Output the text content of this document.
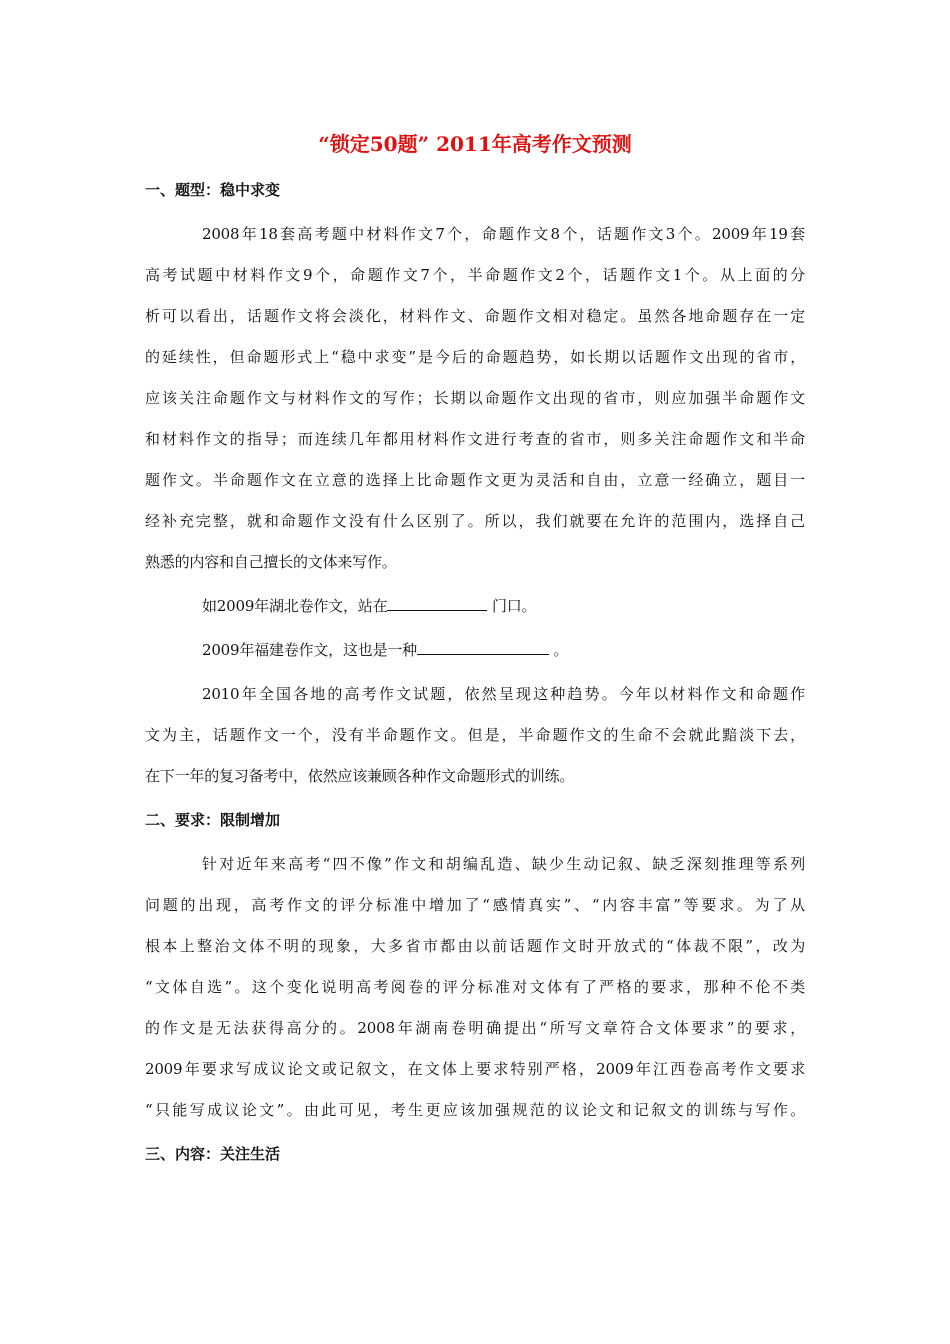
“锁定50题” 2011年高考作文预测
一、题型：稳中求变
2008年18套高考题中材料作文7个，命题作文8个，话题作文3个。2009年19套
高考试题中材料作文9个，命题作文7个，半命题作文2个，话题作文1个。从上面的分
析可以看出，话题作文将会淡化，材料作文、命题作文相对稳定。虽然各地命题存在一定
的延续性，但命题形式上“稳中求变”是今后的命题趋势，如长期以话题作文出现的省市，
应该关注命题作文与材料作文的写作；长期以命题作文出现的省市，则应加强半命题作文
和材料作文的指导；而连续几年都用材料作文进行考查的省市，则多关注命题作文和半命
题作文。半命题作文在立意的选择上比命题作文更为灵活和自由，立意一经确立，题目一
经补充完整，就和命题作文没有什么区别了。所以，我们就要在允许的范围内，选择自己
熟悉的内容和自己擅长的文体来写作。
如2009年湖北卷作文，站在	门口。
2009年福建卷作文，这也是一种	。
2010年全国各地的高考作文试题，依然呈现这种趋势。今年以材料作文和命题作
文为主，话题作文一个，没有半命题作文。但是，半命题作文的生命不会就此黯淡下去，
在下一年的复习备考中，依然应该兼顾各种作文命题形式的训练。
二、要求：限制增加
针对近年来高考“四不像”作文和胡编乱造、缺少生动记叙、缺乏深刻推理等系列
问题的出现，高考作文的评分标准中增加了“感情真实”、“内容丰富”等要求。为了从
根本上整治文体不明的现象，大多省市都由以前话题作文时开放式的“体裁不限”，改为
“文体自选”。这个变化说明高考阅卷的评分标准对文体有了严格的要求，那种不伦不类
的作文是无法获得高分的。2008年湖南卷明确提出“所写文章符合文体要求”的要求，
2009年要求写成议论文或记叙文，在文体上要求特别严格，2009年江西卷高考作文要求
“只能写成议论文”。由此可见，考生更应该加强规范的议论文和记叙文的训练与写作。
三、内容：关注生活
